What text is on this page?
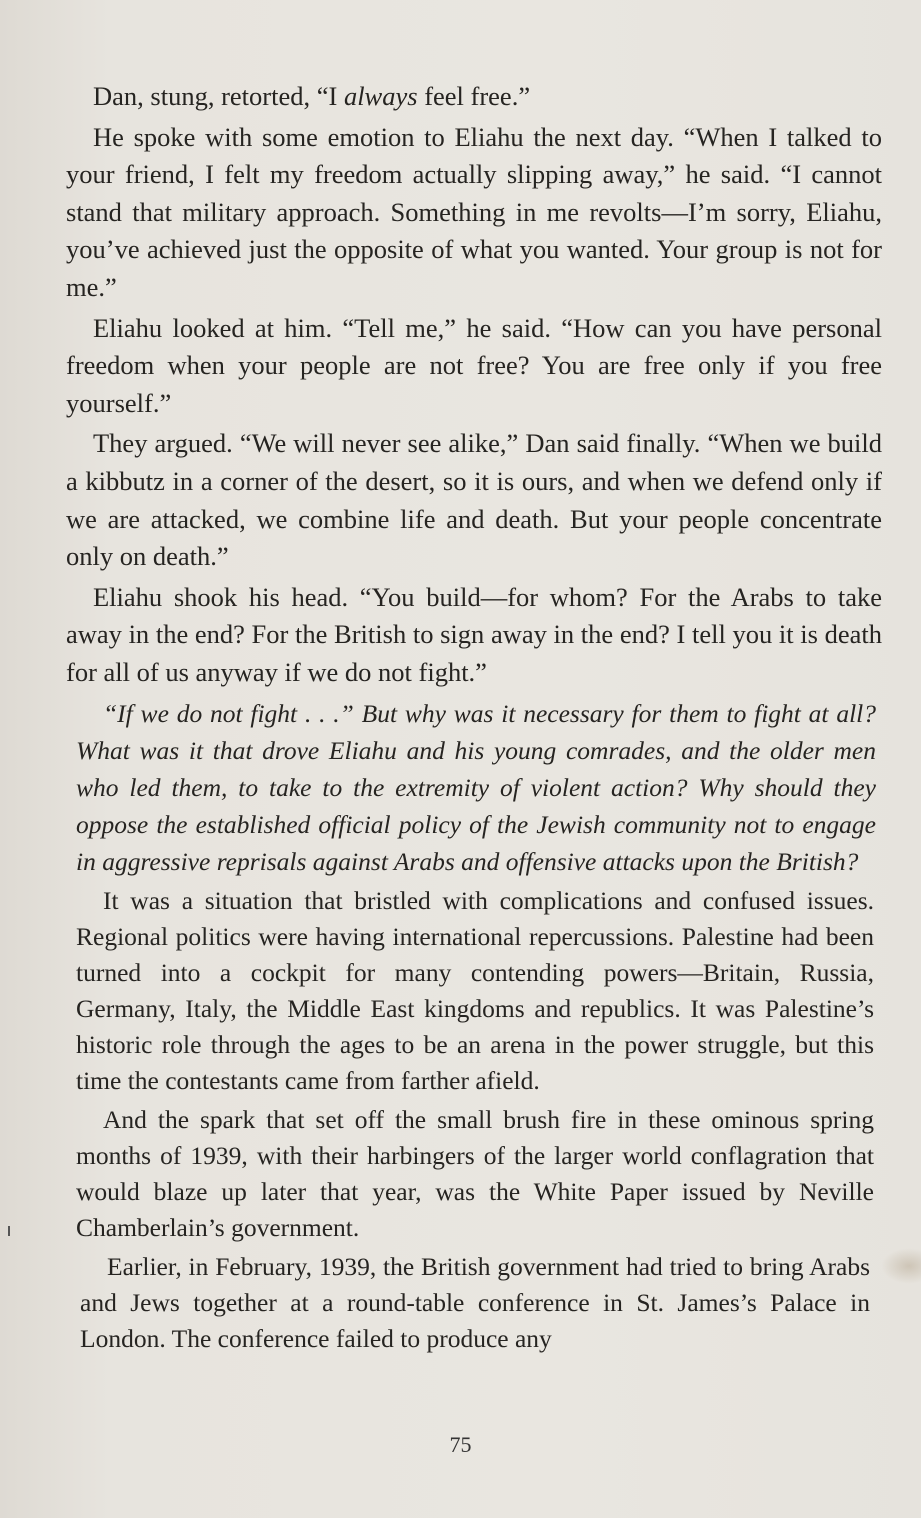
Dan, stung, retorted, “I always feel free.”

He spoke with some emotion to Eliahu the next day. “When I talked to your friend, I felt my freedom actually slipping away,” he said. “I cannot stand that military approach. Something in me revolts—I’m sorry, Eliahu, you’ve achieved just the opposite of what you wanted. Your group is not for me.”

Eliahu looked at him. “Tell me,” he said. “How can you have personal freedom when your people are not free? You are free only if you free yourself.”

They argued. “We will never see alike,” Dan said finally. “When we build a kibbutz in a corner of the desert, so it is ours, and when we defend only if we are attacked, we combine life and death. But your people concentrate only on death.”

Eliahu shook his head. “You build—for whom? For the Arabs to take away in the end? For the British to sign away in the end? I tell you it is death for all of us anyway if we do not fight.”

“If we do not fight . . .” But why was it necessary for them to fight at all? What was it that drove Eliahu and his young comrades, and the older men who led them, to take to the extremity of violent action? Why should they oppose the established official policy of the Jewish community not to engage in aggressive reprisals against Arabs and offensive attacks upon the British?

It was a situation that bristled with complications and confused issues. Regional politics were having international repercussions. Palestine had been turned into a cockpit for many contending powers—Britain, Russia, Germany, Italy, the Middle East kingdoms and republics. It was Palestine’s historic role through the ages to be an arena in the power struggle, but this time the contestants came from farther afield.

And the spark that set off the small brush fire in these ominous spring months of 1939, with their harbingers of the larger world conflagration that would blaze up later that year, was the White Paper issued by Neville Chamberlain’s government.

Earlier, in February, 1939, the British government had tried to bring Arabs and Jews together at a round-table conference in St. James’s Palace in London. The conference failed to produce any

75
